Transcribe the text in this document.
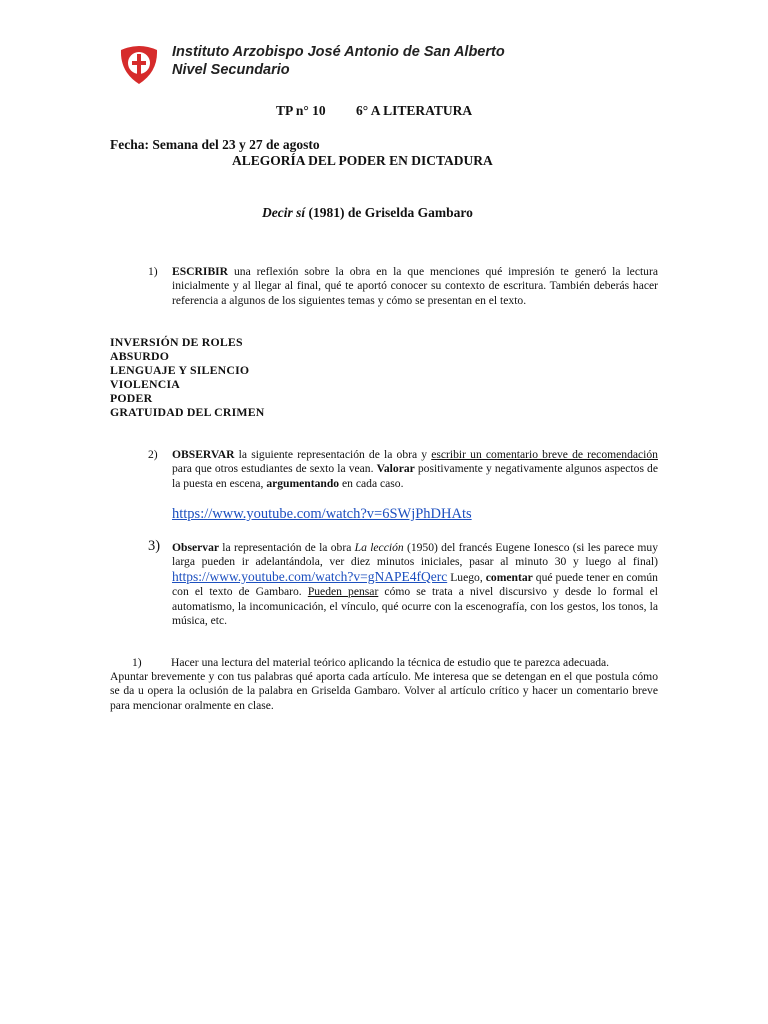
Instituto Arzobispo José Antonio de San Alberto
Nivel Secundario
TP n° 10 6° A LITERATURA
Fecha: Semana del 23 y 27 de agosto
ALEGORÍA DEL PODER EN DICTADURA
Decir sí (1981) de Griselda Gambaro
1) ESCRIBIR una reflexión sobre la obra en la que menciones qué impresión te generó la lectura inicialmente y al llegar al final, qué te aportó conocer su contexto de escritura. También deberás hacer referencia a algunos de los siguientes temas y cómo se presentan en el texto.
INVERSIÓN DE ROLES
ABSURDO
LENGUAJE Y SILENCIO
VIOLENCIA
PODER
GRATUIDAD DEL CRIMEN
2) OBSERVAR la siguiente representación de la obra y escribir un comentario breve de recomendación para que otros estudiantes de sexto la vean. Valorar positivamente y negativamente algunos aspectos de la puesta en escena, argumentando en cada caso.
https://www.youtube.com/watch?v=6SWjPhDHAts
3) Observar la representación de la obra La lección (1950) del francés Eugene Ionesco (si les parece muy larga pueden ir adelantándola, ver diez minutos iniciales, pasar al minuto 30 y luego al final) https://www.youtube.com/watch?v=gNAPE4fQerc Luego, comentar qué puede tener en común con el texto de Gambaro. Pueden pensar cómo se trata a nivel discursivo y desde lo formal el automatismo, la incomunicación, el vínculo, qué ocurre con la escenografía, con los gestos, los tonos, la música, etc.
1)	Hacer una lectura del material teórico aplicando la técnica de estudio que te parezca adecuada.
Apuntar brevemente y con tus palabras qué aporta cada artículo. Me interesa que se detengan en el que postula cómo se da u opera la oclusión de la palabra en Griselda Gambaro. Volver al artículo crítico y hacer un comentario breve para mencionar oralmente en clase.
